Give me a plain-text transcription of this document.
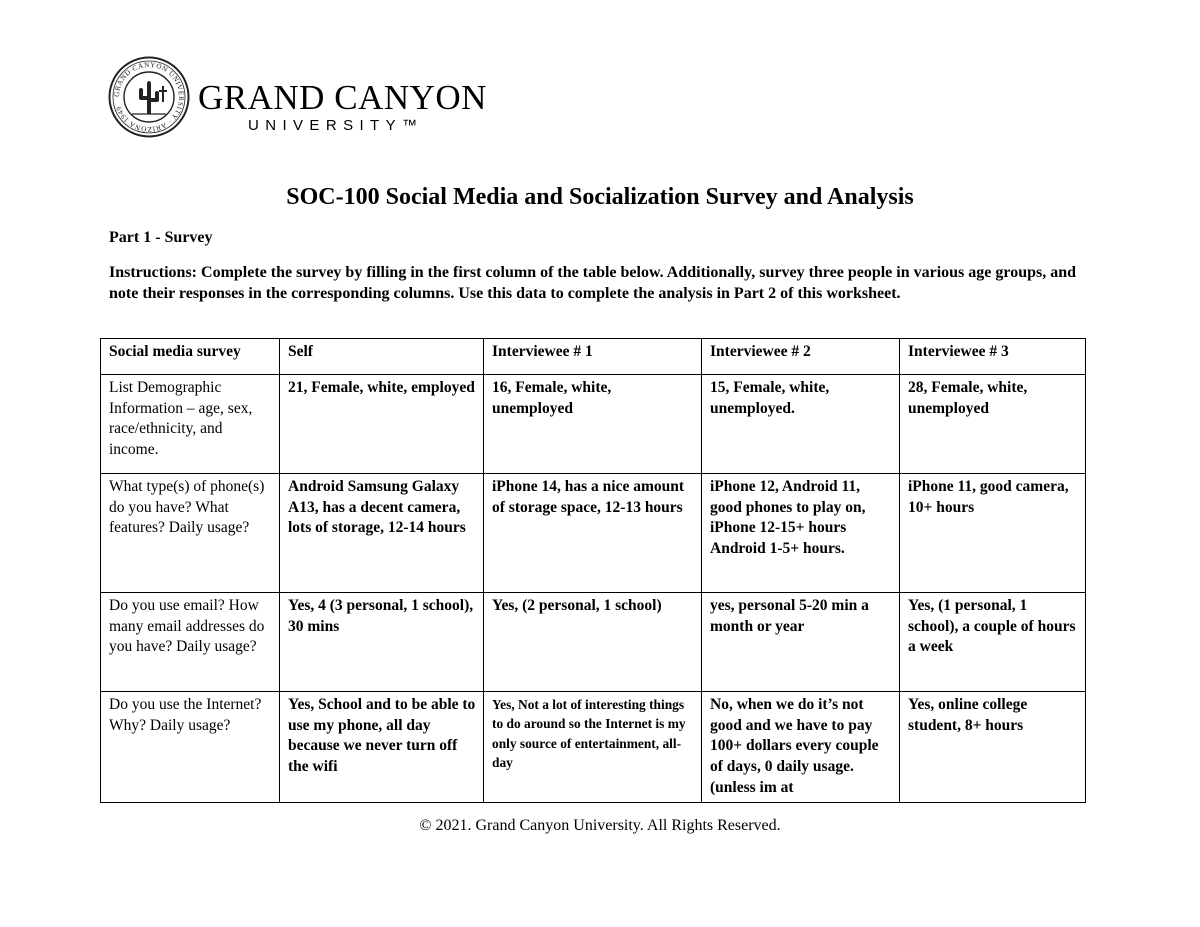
GRAND CANYON UNIVERSITY · ARIZONA 1949	GRAND CANYON
UNIVERSITY™
SOC-100 Social Media and Socialization Survey and Analysis
Part 1 - Survey
Instructions: Complete the survey by filling in the first column of the table below. Additionally, survey three people in various age groups, and note their responses in the corresponding columns. Use this data to complete the analysis in Part 2 of this worksheet.
Social media survey	Self	Interviewee # 1	Interviewee # 2	Interviewee # 3
List Demographic Information – age, sex, race/ethnicity, and income.	21, Female, white, employed	16, Female, white, unemployed	15, Female, white, unemployed.	28, Female, white, unemployed
What type(s) of phone(s) do you have? What features? Daily usage?	Android Samsung Galaxy A13, has a decent camera, lots of storage, 12-14 hours	iPhone 14, has a nice amount of storage space, 12-13 hours	iPhone 12, Android 11, good phones to play on, iPhone 12-15+ hours Android 1-5+ hours.	iPhone 11, good camera, 10+ hours
Do you use email? How many email addresses do you have? Daily usage?	Yes, 4 (3 personal, 1 school), 30 mins	Yes, (2 personal, 1 school)	yes, personal 5-20 min a month or year	Yes, (1 personal, 1 school), a couple of hours a week
Do you use the Internet? Why? Daily usage?	Yes, School and to be able to use my phone, all day because we never turn off the wifi	Yes, Not a lot of interesting things to do around so the Internet is my only source of entertainment, all-day	No, when we do it’s not good and we have to pay 100+ dollars every couple of days, 0 daily usage. (unless im at	Yes, online college student, 8+ hours
© 2021. Grand Canyon University. All Rights Reserved.
